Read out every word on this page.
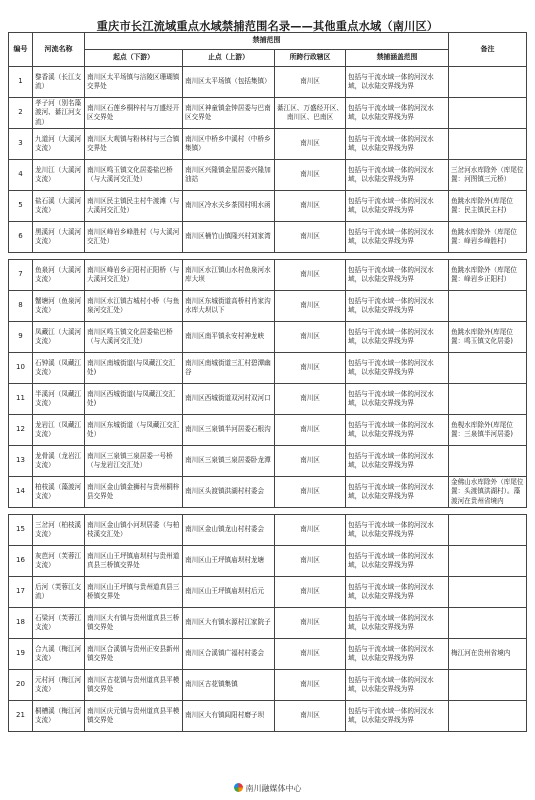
重庆市长江流域重点水域禁捕范围名录——其他重点水域（南川区）
编号	河流名称	禁捕范围				备注
		起点（下游）	止点（上游）	所跨行政辖区	禁捕涵盖范围	
1	黎香溪（长江支流）	南川区太平场镇与涪陵区珊瑚镇交界处	南川区太平场镇（包括集镇）	南川区	包括与干流水域一体的河汊水域，以水陆交界线为界	
2	孝子河（别名藻渡河、綦江河支流）	南川区石莲乡桐梓村与万盛经开区交界处	南川区神童镇金钟居委与巴南区交界处	綦江区、万盛经开区、南川区、巴南区	包括与干流水域一体的河汊水域，以水陆交界线为界	
3	九道河（大溪河支流）	南川区大观镇与粉林村与三合镇交界处	南川区中桥乡中溪村（中桥乡集镇）	南川区	包括与干流水域一体的河汊水域，以水陆交界线为界	
4	龙川江（大溪河支流）	南川区鸣玉镇文化居委盐巴桥（与大溪河交汇处）	南川区兴隆镇金星居委兴隆加油站	南川区	包括与干流水域一体的河汊水域，以水陆交界线为界	三岔河水库除外（库尾位置：河图镇三元桥）
5	盐石溪（大溪河支流）	南川区民主镇民主村牛渡滩（与大溪河交汇处）	南川区冷水关乡茶园村明水函	南川区	包括与干流水域一体的河汊水域，以水陆交界线为界	鱼跳水库除外(库尾位置：民主镇民主村)
6	黑溪河（大溪河支流）	南川区峰岩乡峰胜村（与大溪河交汇处）	南川区楠竹山镇隆兴村刘家湾	南川区	包括与干流水域一体的河汊水域，以水陆交界线为界	鱼跳水库除外（库尾位置：峰岩乡峰胜村）

7	鱼泉河（大溪河支流）	南川区峰岩乡正阳村正阳桥（与大溪河交汇处）	南川区水江镇山水村鱼泉河水库大坝	南川区	包括与干流水域一体的河汊水域，以水陆交界线为界	鱼跳水库除外（库尾位置：峰岩乡正阳村）
8	蟹塘河（鱼泉河支流）	南川区水江镇古城村小桥（与鱼泉河交汇处）	南川区东城街道高桥村肖家沟水库大坝以下	南川区	包括与干流水域一体的河汊水域，以水陆交界线为界	
9	凤藏江（大溪河支流）	南川区鸣玉镇文化居委盐巴桥（与大溪河交汇处）	南川区南平镇永安村神龙峡	南川区	包括与干流水域一体的河汊水域，以水陆交界线为界	鱼跳水库除外(库尾位置：鸣玉镇文化居委)
10	石钟溪（凤藏江支流）	南川区南城街道(与凤藏江交汇处)	南川区南城街道三汇村碧潭幽谷	南川区	包括与干流水域一体的河汊水域，以水陆交界线为界	
11	半溪河（凤藏江支流）	南川区西城街道(与凤藏江交汇处)	南川区西城街道双河村双河口	南川区	包括与干流水域一体的河汊水域，以水陆交界线为界	
12	龙岩江（凤藏江支流）	南川区东城街道（与凤藏江交汇处）	南川区三泉镇半河居委石根沟	南川区	包括与干流水域一体的河汊水域，以水陆交界线为界	鱼枧水库除外(库尾位置：三泉镇半河居委)
13	龙骨溪（龙岩江支流）	南川区三泉镇三泉居委一号桥（与龙岩江交汇处）	南川区三泉镇三泉居委卧龙潭	南川区	包括与干流水域一体的河汊水域，以水陆交界线为界	
14	柏枝溪（藻渡河支流）	南川区金山镇金狮村与贵州桐梓县交界处	南川区头渡镇洪湖村村委会	南川区	包括与干流水域一体的河汊水域，以水陆交界线为界	金佛山水库除外（库尾位置：头渡镇洪湖村）。藻渡河在贵州省境内

15	三岔河（柏枝溪支流）	南川区金山镇小河坝居委（与柏枝溪交汇处）	南川区金山镇龙山村村委会	南川区	包括与干流水域一体的河汊水域，以水陆交界线为界	
16	灰芭河（芙蓉江支流）	南川区山王坪镇庙坝村与贵州道真县三桥镇交界处	南川区山王坪镇庙坝村龙塘	南川区	包括与干流水域一体的河汊水域，以水陆交界线为界	
17	后河（芙蓉江支流）	南川区山王坪镇与贵州道真县三桥镇交界处	南川区山王坪镇庙坝村后元	南川区	包括与干流水域一体的河汊水域，以水陆交界线为界	
18	石梁河（芙蓉江支流）	南川区大有镇与贵州道真县三桥镇交界处	南川区大有镇水源村江家院子	南川区	包括与干流水域一体的河汊水域，以水陆交界线为界	
19	合九溪（梅江河支流）	南川区合溪镇与贵州正安县新州镇交界处	南川区合溪镇广福村村委会	南川区	包括与干流水域一体的河汊水域，以水陆交界线为界	梅江河在贵州省境内
20	元村河（梅江河支流）	南川区古花镇与贵州道真县平模镇交界处	南川区古花镇集镇	南川区	包括与干流水域一体的河汊水域，以水陆交界线为界	
21	桐槽溪（梅江河支流）	南川区庆元镇与贵州道真县平模镇交界处	南川区大有镇闾阳村磨子坝	南川区	包括与干流水域一体的河汊水域，以水陆交界线为界	
南川融媒体中心
